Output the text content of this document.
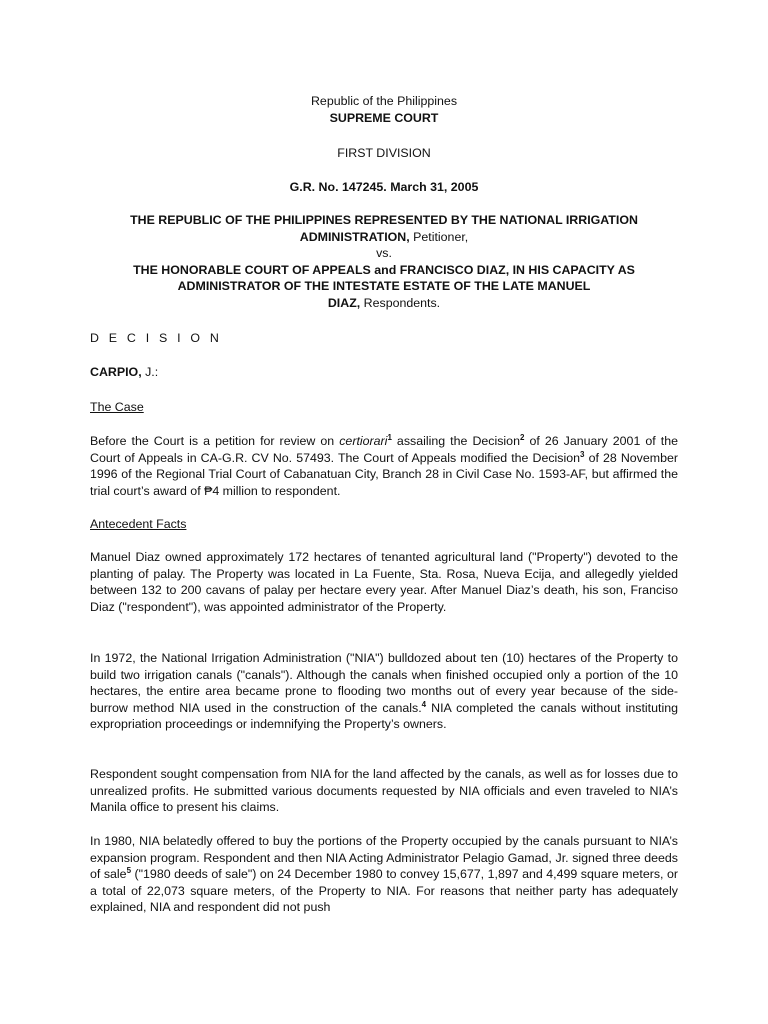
Republic of the Philippines
SUPREME COURT
FIRST DIVISION
G.R. No. 147245. March 31, 2005
THE REPUBLIC OF THE PHILIPPINES REPRESENTED BY THE NATIONAL IRRIGATION
ADMINISTRATION, Petitioner,
vs.
THE HONORABLE COURT OF APPEALS and FRANCISCO DIAZ, IN HIS CAPACITY AS
ADMINISTRATOR OF THE INTESTATE ESTATE OF THE LATE MANUEL
DIAZ, Respondents.
D E C I S I O N
CARPIO, J.:
The Case
Before the Court is a petition for review on certiorari$^1$ assailing the Decision$^2$ of 26 January 2001 of the Court of Appeals in CA-G.R. CV No. 57493. The Court of Appeals modified the Decision$^3$ of 28 November 1996 of the Regional Trial Court of Cabanatuan City, Branch 28 in Civil Case No. 1593-AF, but affirmed the trial court’s award of ₱4 million to respondent.
Antecedent Facts
Manuel Diaz owned approximately 172 hectares of tenanted agricultural land ("Property") devoted to the planting of palay. The Property was located in La Fuente, Sta. Rosa, Nueva Ecija, and allegedly yielded between 132 to 200 cavans of palay per hectare every year. After Manuel Diaz’s death, his son, Franciso Diaz ("respondent"), was appointed administrator of the Property.
In 1972, the National Irrigation Administration ("NIA") bulldozed about ten (10) hectares of the Property to build two irrigation canals ("canals"). Although the canals when finished occupied only a portion of the 10 hectares, the entire area became prone to flooding two months out of every year because of the side-burrow method NIA used in the construction of the canals.$^4$ NIA completed the canals without instituting expropriation proceedings or indemnifying the Property’s owners.
Respondent sought compensation from NIA for the land affected by the canals, as well as for losses due to unrealized profits. He submitted various documents requested by NIA officials and even traveled to NIA’s Manila office to present his claims.
In 1980, NIA belatedly offered to buy the portions of the Property occupied by the canals pursuant to NIA’s expansion program. Respondent and then NIA Acting Administrator Pelagio Gamad, Jr. signed three deeds of sale$^5$ ("1980 deeds of sale") on 24 December 1980 to convey 15,677, 1,897 and 4,499 square meters, or a total of 22,073 square meters, of the Property to NIA. For reasons that neither party has adequately explained, NIA and respondent did not push
